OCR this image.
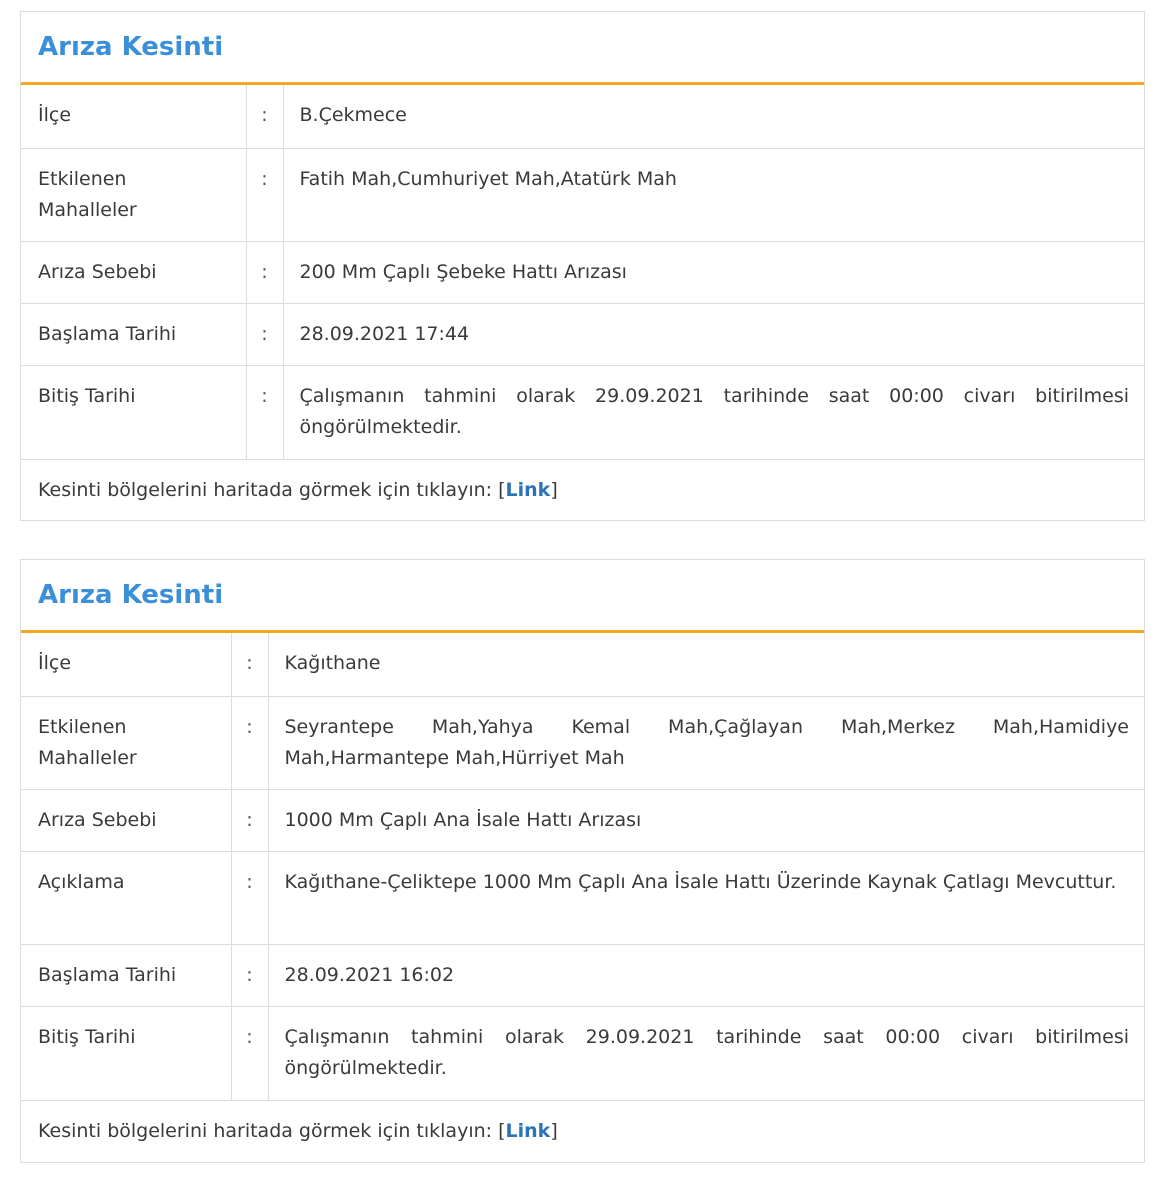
Arıza Kesinti
İlçe	:	B.Çekmece
Etkilenen Mahalleler	:	Fatih Mah,Cumhuriyet Mah,Atatürk Mah
Arıza Sebebi	:	200 Mm Çaplı Şebeke Hattı Arızası
Başlama Tarihi	:	28.09.2021 17:44
Bitiş Tarihi	:	Çalışmanın tahmini olarak 29.09.2021 tarihinde saat 00:00 civarı bitirilmesi öngörülmektedir.
Kesinti bölgelerini haritada görmek için tıklayın: [Link]
Arıza Kesinti
İlçe	:	Kağıthane
Etkilenen Mahalleler	:	Seyrantepe Mah,Yahya Kemal Mah,Çağlayan Mah,Merkez Mah,Hamidiye Mah,Harmantepe Mah,Hürriyet Mah
Arıza Sebebi	:	1000 Mm Çaplı Ana İsale Hattı Arızası
Açıklama	:	Kağıthane-Çeliktepe 1000 Mm Çaplı Ana İsale Hattı Üzerinde Kaynak Çatlagı Mevcuttur.
Başlama Tarihi	:	28.09.2021 16:02
Bitiş Tarihi	:	Çalışmanın tahmini olarak 29.09.2021 tarihinde saat 00:00 civarı bitirilmesi öngörülmektedir.
Kesinti bölgelerini haritada görmek için tıklayın: [Link]
